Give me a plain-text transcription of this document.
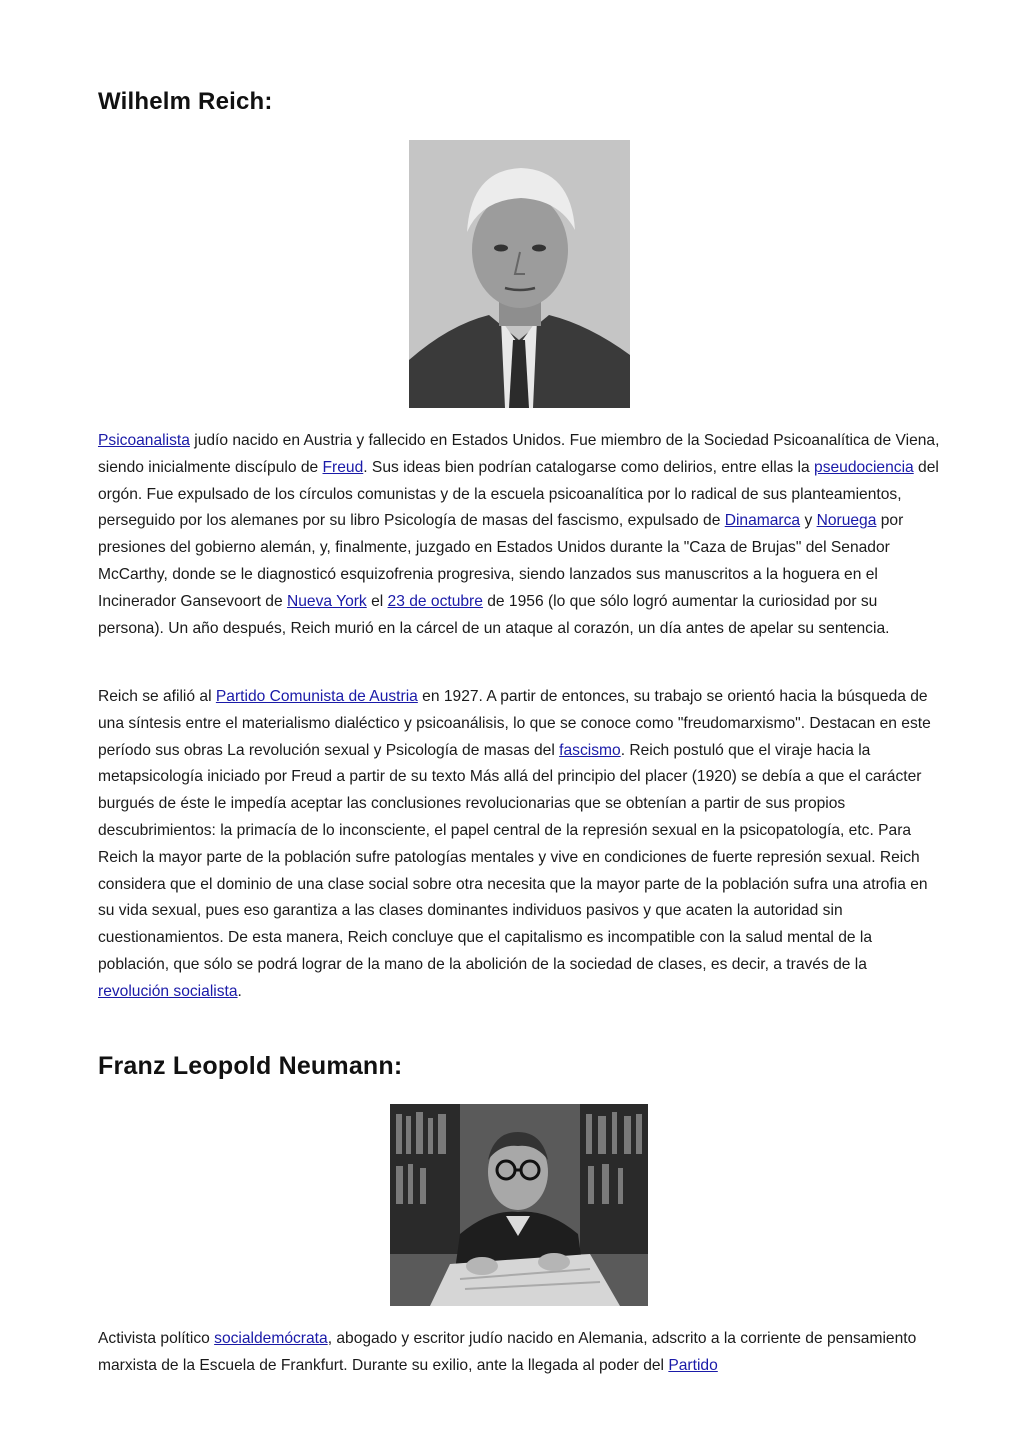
Wilhelm Reich:

Psicoanalista judío nacido en Austria y fallecido en Estados Unidos. Fue miembro de la Sociedad Psicoanalítica de Viena, siendo inicialmente discípulo de Freud. Sus ideas bien podrían catalogarse como delirios, entre ellas la pseudociencia del orgón. Fue expulsado de los círculos comunistas y de la escuela psicoanalítica por lo radical de sus planteamientos, perseguido por los alemanes por su libro Psicología de masas del fascismo, expulsado de Dinamarca y Noruega por presiones del gobierno alemán, y, finalmente, juzgado en Estados Unidos durante la "Caza de Brujas" del Senador McCarthy, donde se le diagnosticó esquizofrenia progresiva, siendo lanzados sus manuscritos a la hoguera en el Incinerador Gansevoort de Nueva York el 23 de octubre de 1956 (lo que sólo logró aumentar la curiosidad por su persona). Un año después, Reich murió en la cárcel de un ataque al corazón, un día antes de apelar su sentencia.

Reich se afilió al Partido Comunista de Austria en 1927. A partir de entonces, su trabajo se orientó hacia la búsqueda de una síntesis entre el materialismo dialéctico y psicoanálisis, lo que se conoce como "freudomarxismo". Destacan en este período sus obras La revolución sexual y Psicología de masas del fascismo. Reich postuló que el viraje hacia la metapsicología iniciado por Freud a partir de su texto Más allá del principio del placer (1920) se debía a que el carácter burgués de éste le impedía aceptar las conclusiones revolucionarias que se obtenían a partir de sus propios descubrimientos: la primacía de lo inconsciente, el papel central de la represión sexual en la psicopatología, etc. Para Reich la mayor parte de la población sufre patologías mentales y vive en condiciones de fuerte represión sexual. Reich considera que el dominio de una clase social sobre otra necesita que la mayor parte de la población sufra una atrofia en su vida sexual, pues eso garantiza a las clases dominantes individuos pasivos y que acaten la autoridad sin cuestionamientos. De esta manera, Reich concluye que el capitalismo es incompatible con la salud mental de la población, que sólo se podrá lograr de la mano de la abolición de la sociedad de clases, es decir, a través de la revolución socialista.

Franz Leopold Neumann:

Activista político socialdemócrata, abogado y escritor judío nacido en Alemania, adscrito a la corriente de pensamiento marxista de la Escuela de Frankfurt. Durante su exilio, ante la llegada al poder del Partido
